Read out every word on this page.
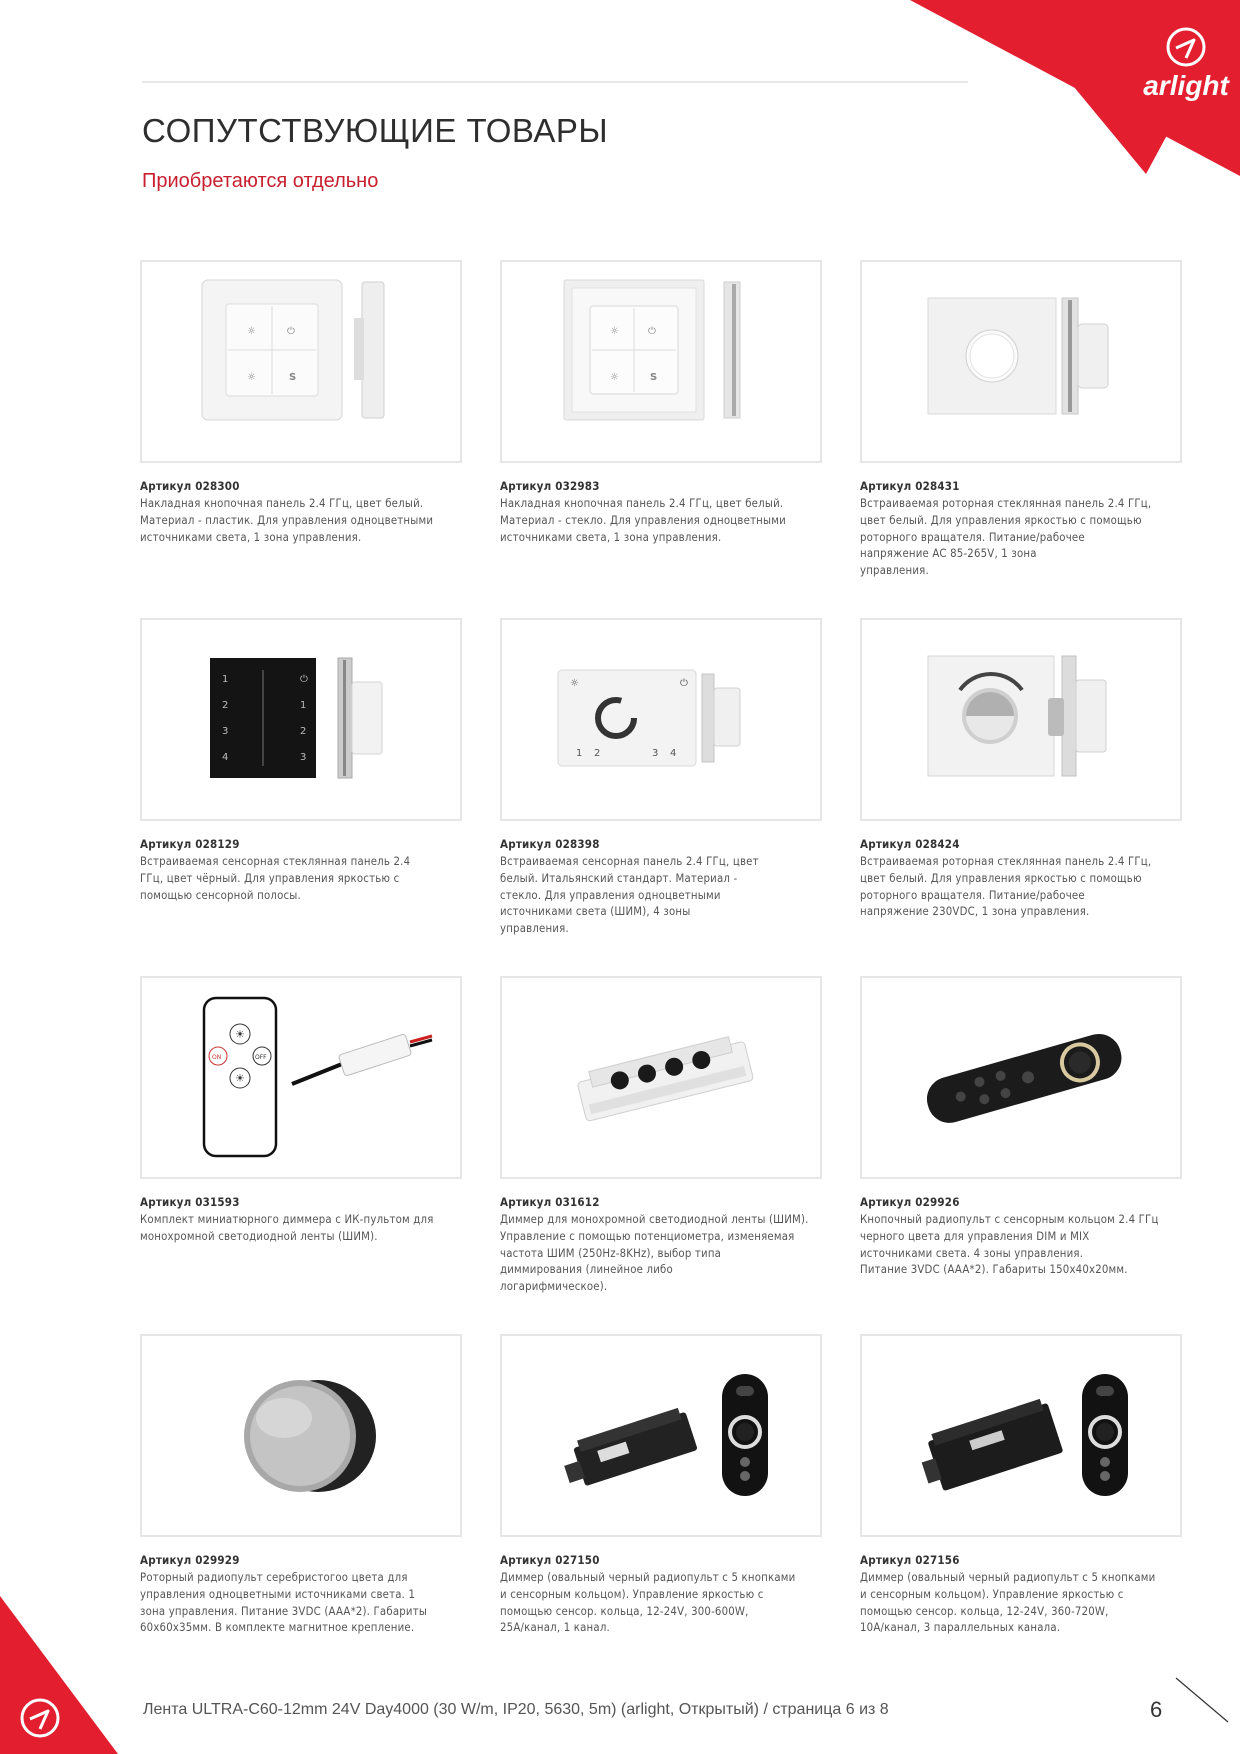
arlight
СОПУТСТВУЮЩИЕ ТОВАРЫ

Приобретаются отдельно

☼	⏻
☼	S
Артикул 028300
Накладная кнопочная панель 2.4 ГГц, цвет белый.
Материал - пластик. Для управления одноцветными
источниками света, 1 зона управления.
☼	⏻
☼	S
Артикул 032983
Накладная кнопочная панель 2.4 ГГц, цвет белый.
Материал - стекло. Для управления одноцветными
источниками света, 1 зона управления.
Артикул 028431
Встраиваемая роторная стеклянная панель 2.4 ГГц,
цвет белый. Для управления яркостью с помощью
роторного вращателя. Питание/рабочее
напряжение AC 85-265V, 1 зона
управления.
1
2
3
4
⏻
1
2
3
Артикул 028129
Встраиваемая сенсорная стеклянная панель 2.4
ГГц, цвет чёрный. Для управления яркостью с
помощью сенсорной полосы.
☼	⏻
1 2	3 4
Артикул 028398
Встраиваемая сенсорная панель 2.4 ГГц, цвет
белый. Итальянский стандарт. Материал -
стекло. Для управления одноцветными
источниками света (ШИМ), 4 зоны
управления.
Артикул 028424
Встраиваемая роторная стеклянная панель 2.4 ГГц,
цвет белый. Для управления яркостью с помощью
роторного вращателя. Питание/рабочее
напряжение 230VDC, 1 зона управления.
☀
ON	OFF
☀
Артикул 031593
Комплект миниатюрного диммера с ИК-пультом для
монохромной светодиодной ленты (ШИМ).
Артикул 031612
Диммер для монохромной светодиодной ленты (ШИМ).
Управление с помощью потенциометра, изменяемая
частота ШИМ (250Hz-8KHz), выбор типа
диммирования (линейное либо
логарифмическое).
Артикул 029926
Кнопочный радиопульт с сенсорным кольцом 2.4 ГГц
черного цвета для управления DIM и MIX
источниками света. 4 зоны управления.
Питание 3VDC (AAA*2). Габариты 150x40x20мм.
Артикул 029929
Роторный радиопульт серебристогоо цвета для
управления одноцветными источниками света. 1
зона управления. Питание 3VDC (AAA*2). Габариты
60x60x35мм. В комплекте магнитное крепление.
Артикул 027150
Диммер (овальный черный радиопульт с 5 кнопками
и сенсорным кольцом). Управление яркостью с
помощью сенсор. кольца, 12-24V, 300-600W,
25A/канал, 1 канал.
Артикул 027156
Диммер (овальный черный радиопульт с 5 кнопками
и сенсорным кольцом). Управление яркостью с
помощью сенсор. кольца, 12-24V, 360-720W,
10A/канал, 3 параллельных канала.
Лента ULTRA-C60-12mm 24V Day4000 (30 W/m, IP20, 5630, 5m) (arlight, Открытый) / страница 6 из 8	6
